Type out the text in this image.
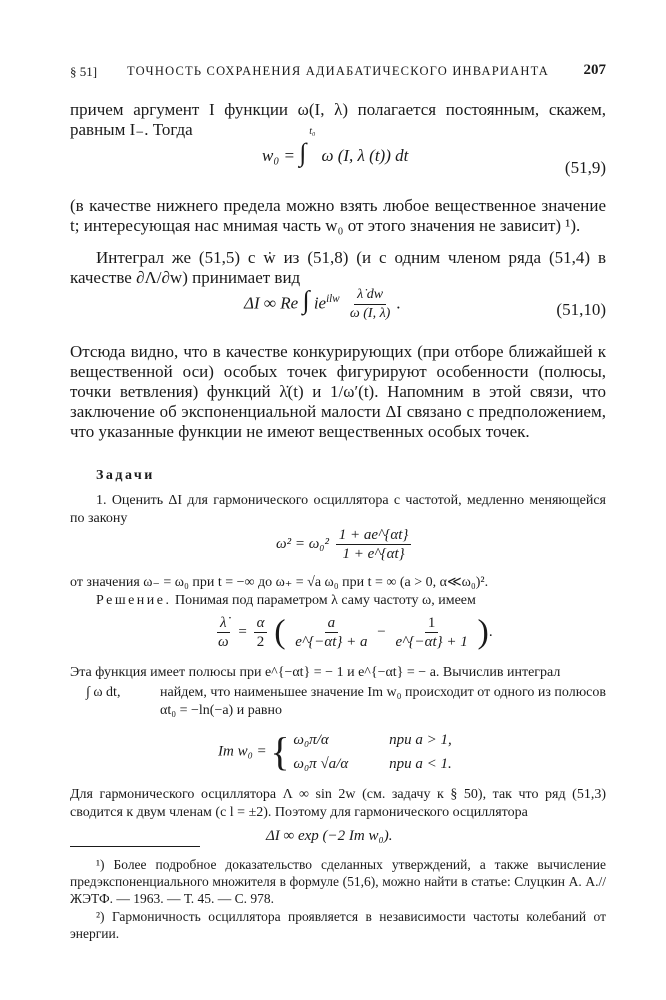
§ 51]	ТОЧНОСТЬ СОХРАНЕНИЯ АДИАБАТИЧЕСКОГО ИНВАРИАНТА	207
причем аргумент I функции ω(I, λ) полагается постоянным, скажем, равным I₋. Тогда
w₀ = ∫
t₀
ω (I, λ (t)) dt
(51,9)
(в качестве нижнего предела можно взять любое вещественное значение t; интересующая нас мнимая часть w₀ от этого значения не зависит) ¹).
Интеграл же (51,5) с ẇ из (51,8) (и с одним членом ряда (51,4) в качестве ∂Λ/∂w) принимает вид
ΔI ∞ Re ∫ $ie^{ilw} \frac{\lambdȧ dw}{\omega (I, \lambda)}$ .	(51,10)
Отсюда видно, что в качестве конкурирующих (при отборе ближайшей к вещественной оси) особых точек фигурируют особенности (полюсы, точки ветвления) функций λ̇(t) и 1/ω′(t). Напомним в этой связи, что заключение об экспоненциальной малости ΔI связано с предположением, что указанные функции не имеют вещественных особых точек.
Задачи
1. Оценить ΔI для гармонического осциллятора с частотой, медленно меняющейся по закону
$\omega^2 = \omega_0^2 \frac{1 + ae\^{}\{\alpha t\}}{1 + e\^{}\{\alpha t\}}$
от значения ω₋ = ω₀ при t = −∞ до ω₊ = √a ω₀ при t = ∞ (a > 0, α≪ω₀)².
Решение. Понимая под параметром λ саму частоту ω, имеем
$\frac{\lambdȧ}{\omega} = \frac{\alpha}{2}$ ( $\frac{a}{e\^{}\{-\alpha t\} + a} - \frac{1}{e\^{}\{-\alpha t\} + 1}$ ).
Эта функция имеет полюсы при e^{−αt} = − 1 и e^{−αt} = − a. Вычислив интеграл
∫ ω dt,	найдем, что наименьшее значение Im w₀ происходит от одного из полюсов αt₀ = −ln(−a) и равно
Im w₀ = { ω₀π/α	при a > 1,
ω₀π √a/α	при a < 1.
Для гармонического осциллятора Λ ∞ sin 2w (см. задачу к § 50), так что ряд (51,3) сводится к двум членам (с l = ±2). Поэтому для гармонического осциллятора
ΔI ∞ exp (−2 Im w₀).
¹) Более подробное доказательство сделанных утверждений, а также вычисление предэкспоненциального множителя в формуле (51,6), можно найти в статье: Слуцкин А. А.//ЖЭТФ. — 1963. — Т. 45. — С. 978.
²) Гармоничность осциллятора проявляется в независимости частоты колебаний от энергии.
